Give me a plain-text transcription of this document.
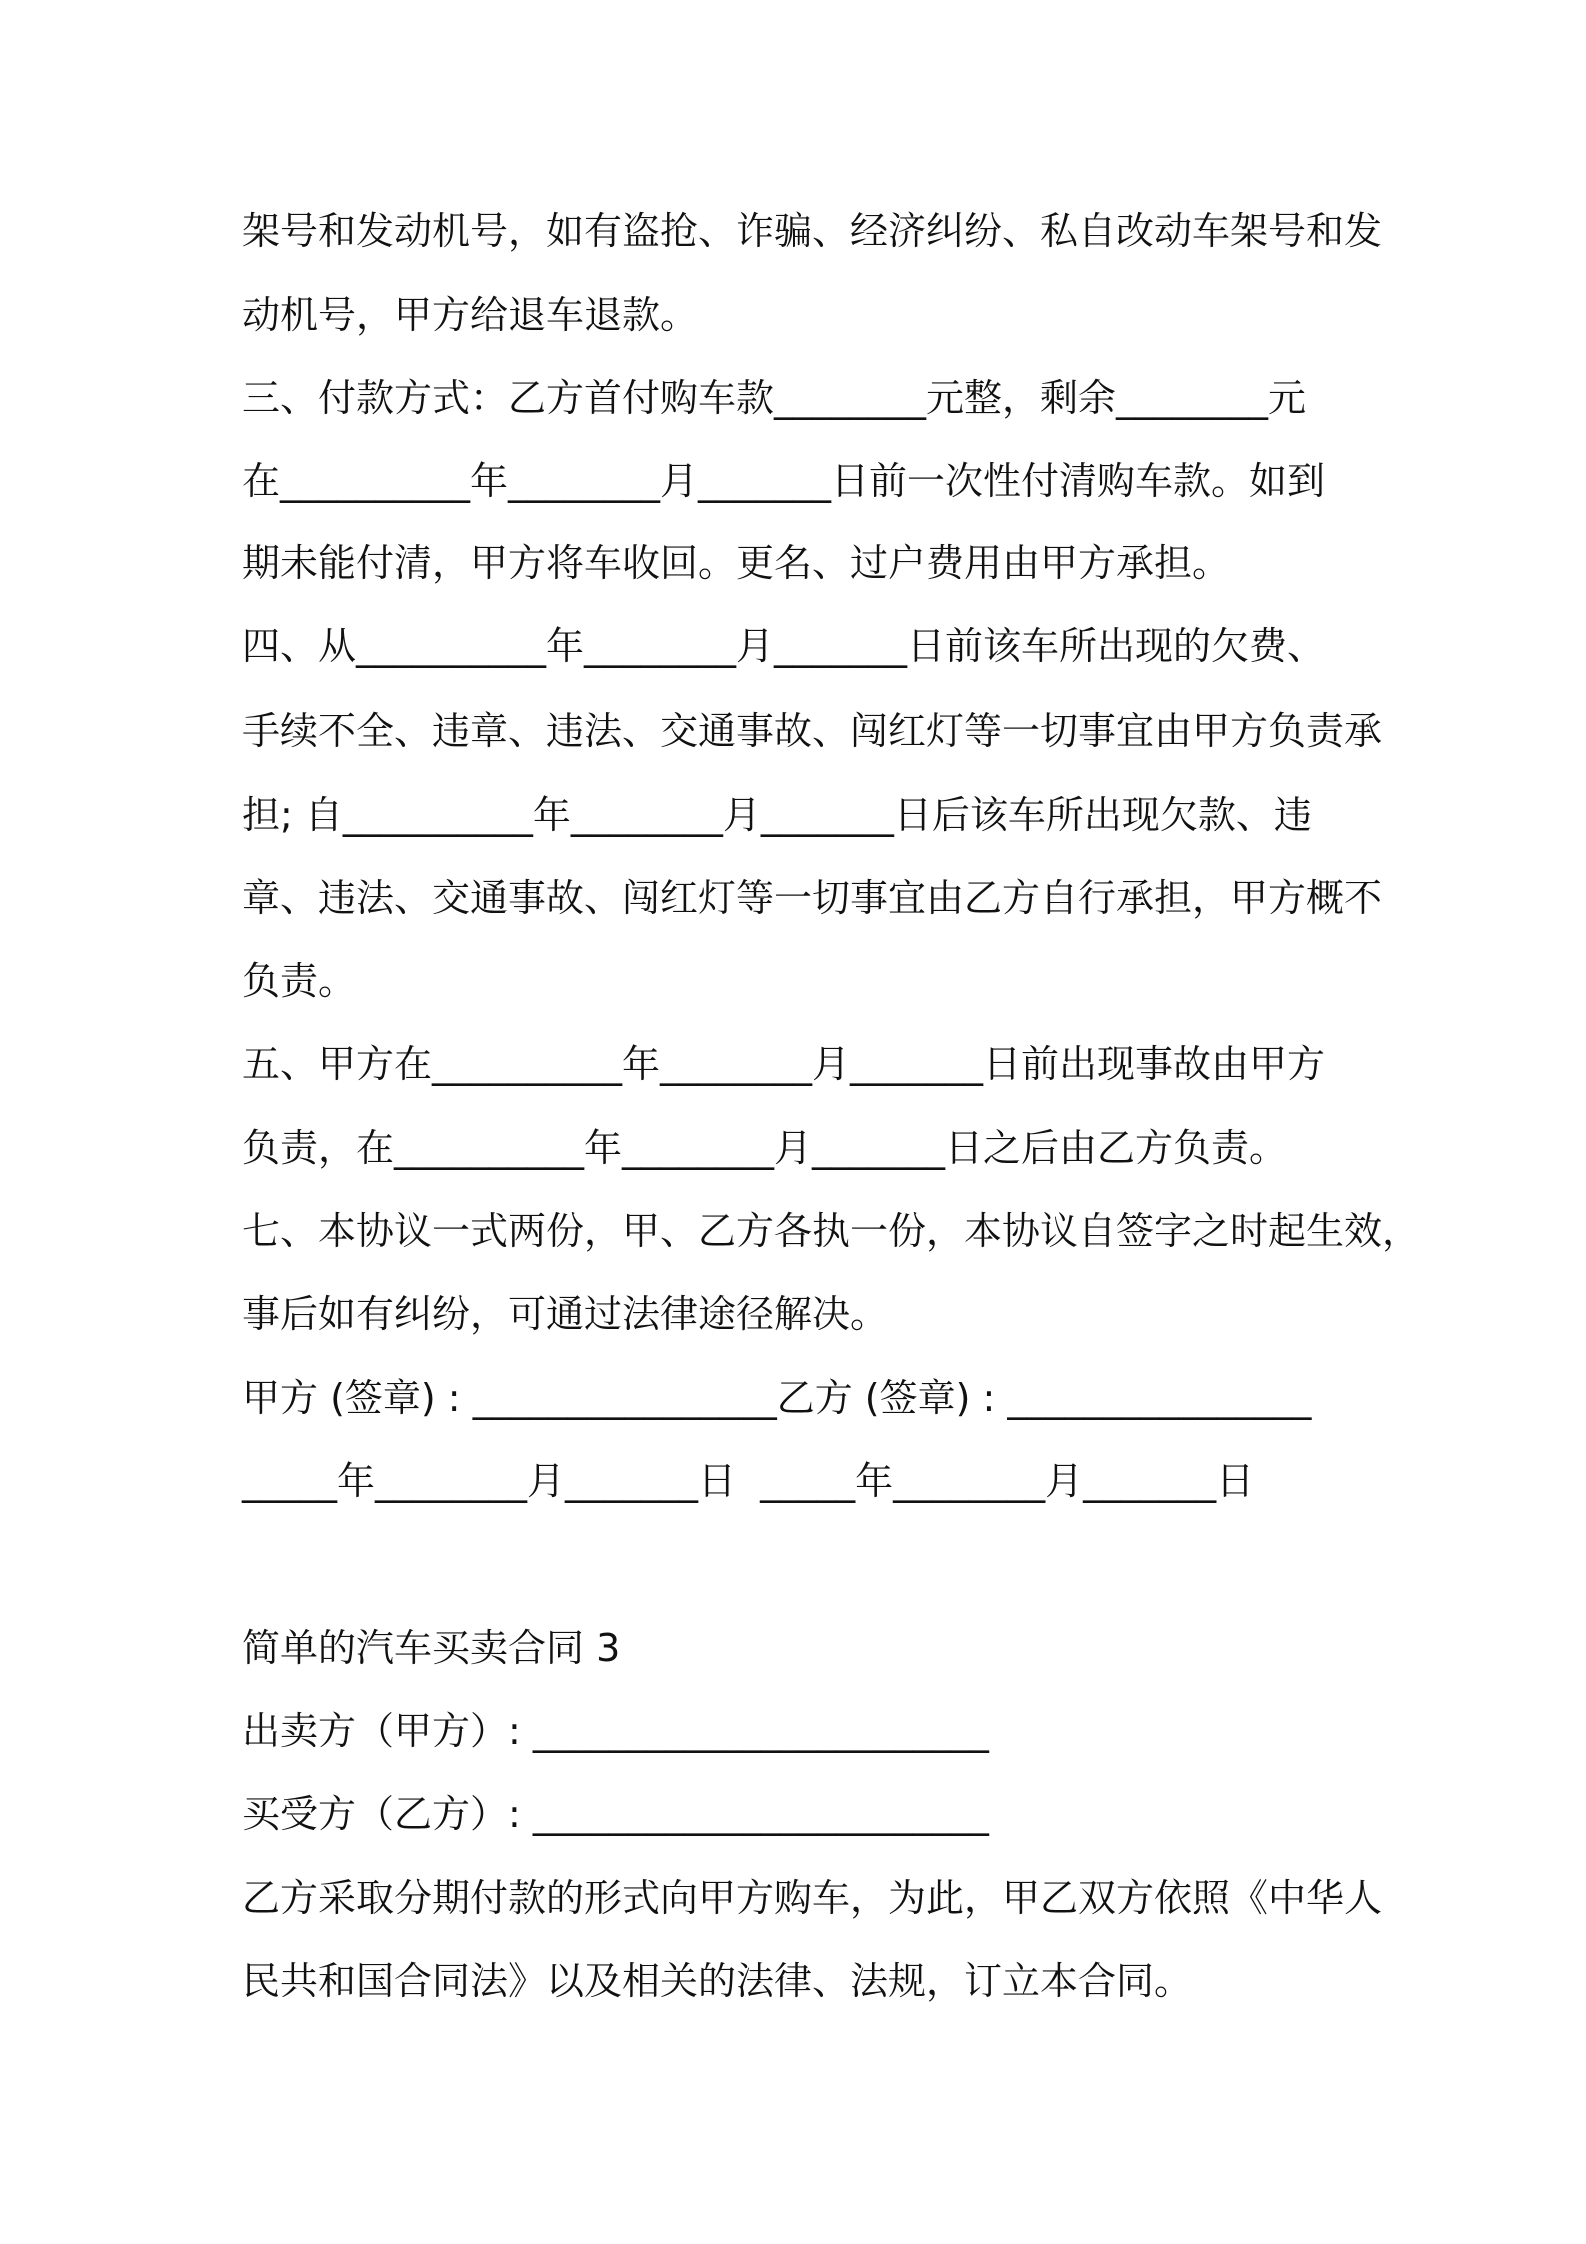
架号和发动机号，如有盗抢、诈骗、经济纠纷、私自改动车架号和发
动机号，甲方给退车退款。
三、付款方式：乙方首付购车款________元整，剩余________元
在__________年________月_______日前一次性付清购车款。如到
期未能付清，甲方将车收回。更名、过户费用由甲方承担。
四、从__________年________月_______日前该车所出现的欠费、
手续不全、违章、违法、交通事故、闯红灯等一切事宜由甲方负责承
担; 自__________年________月_______日后该车所出现欠款、违
章、违法、交通事故、闯红灯等一切事宜由乙方自行承担，甲方概不
负责。
五、甲方在__________年________月_______日前出现事故由甲方
负责，在__________年________月_______日之后由乙方负责。
七、本协议一式两份，甲、乙方各执一份，本协议自签字之时起生效，
事后如有纠纷，可通过法律途径解决。
甲方 (签章) : ________________乙方 (签章) : ________________
_____年________月_______日  _____年________月_______日
简单的汽车买卖合同 3
出卖方（甲方）: ________________________
买受方（乙方）: ________________________
乙方采取分期付款的形式向甲方购车，为此，甲乙双方依照《中华人
民共和国合同法》以及相关的法律、法规，订立本合同。
